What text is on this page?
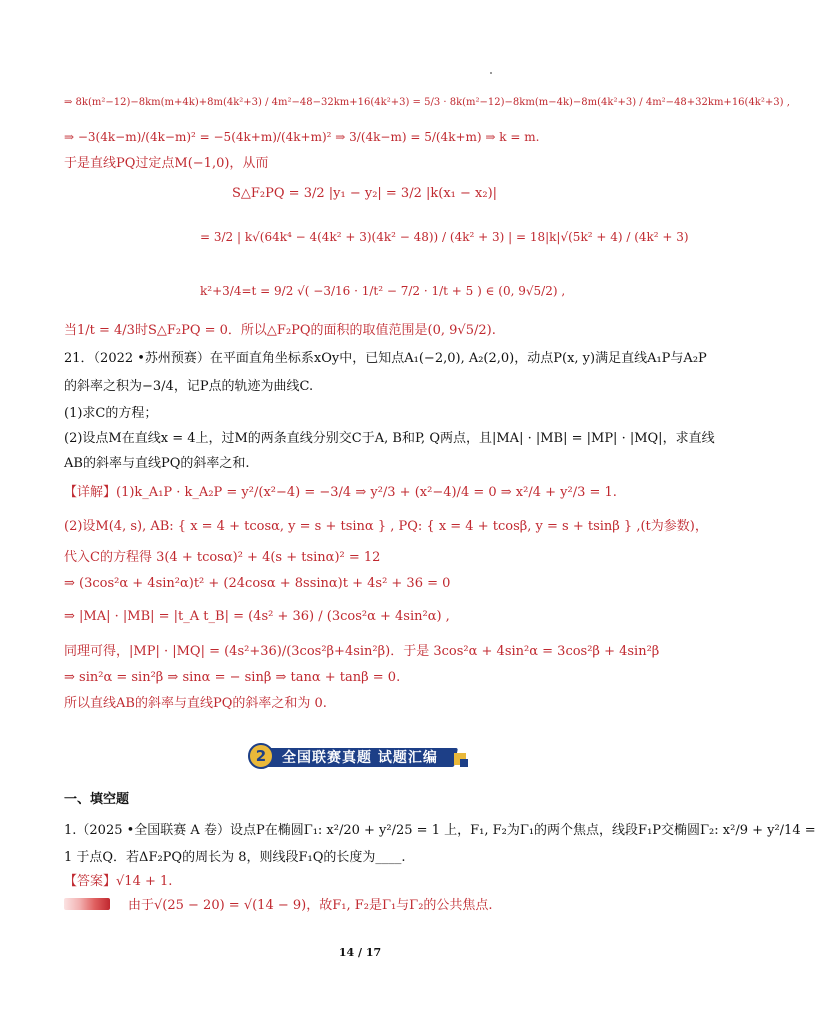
⇒ 8k(m²−12)−8km(m+4k)+8m(4k²+3) / 4m²−48−32km+16(4k²+3) = 5/3 · 8k(m²−12)−8km(m−4k)−8m(4k²+3) / 4m²−48+32km+16(4k²+3) ,
⇒ −3(4k−m)/(4k−m)² = −5(4k+m)/(4k+m)² ⇒ 3/(4k−m) = 5/(4k+m) ⇒ k = m.
于是直线PQ过定点M(−1,0)，从而
S△F₂PQ = 3/2 |y₁ − y₂| = 3/2 |k(x₁ − x₂)|
= 3/2 | k√(64k⁴ − 4(4k² + 3)(4k² − 48)) / (4k² + 3) | = 18|k|√(5k² + 4) / (4k² + 3)
k²+3/4=t = 9/2 √( −3/16 · 1/t² − 7/2 · 1/t + 5 ) ∈ (0, 9√5/2) ,
当1/t = 4/3时S△F₂PQ = 0．所以△F₂PQ的面积的取值范围是(0, 9√5/2).
21．（2022 •苏州预赛）在平面直角坐标系xOy中，已知点A₁(−2,0), A₂(2,0)，动点P(x, y)满足直线A₁P与A₂P
的斜率之积为−3/4，记P点的轨迹为曲线C.
(1)求C的方程；
(2)设点M在直线x = 4上，过M的两条直线分别交C于A, B和P, Q两点，且|MA| · |MB| = |MP| · |MQ|，求直线
AB的斜率与直线PQ的斜率之和.
【详解】(1)k_A₁P · k_A₂P = y²/(x²−4) = −3/4 ⇒ y²/3 + (x²−4)/4 = 0 ⇒ x²/4 + y²/3 = 1.
(2)设M(4, s), AB: { x = 4 + tcosα, y = s + tsinα } , PQ: { x = 4 + tcosβ, y = s + tsinβ } ,(t为参数)，
代入C的方程得 3(4 + tcosα)² + 4(s + tsinα)² = 12
⇒ (3cos²α + 4sin²α)t² + (24cosα + 8ssinα)t + 4s² + 36 = 0
⇒ |MA| · |MB| = |t_A t_B| = (4s² + 36) / (3cos²α + 4sin²α) ,
同理可得，|MP| · |MQ| = (4s²+36)/(3cos²β+4sin²β)．于是 3cos²α + 4sin²α = 3cos²β + 4sin²β
⇒ sin²α = sin²β ⇒ sinα = − sinβ ⇒ tanα + tanβ = 0.
所以直线AB的斜率与直线PQ的斜率之和为 0.
2	全国联赛真题 试题汇编
一、填空题
1.（2025 •全国联赛 A 卷）设点P在椭圆Γ₁: x²/20 + y²/25 = 1 上，F₁, F₂为Γ₁的两个焦点，线段F₁P交椭圆Γ₂: x²/9 + y²/14 =
1 于点Q．若ΔF₂PQ的周长为 8，则线段F₁Q的长度为____.
【答案】√14 + 1.
由于√(25 − 20) = √(14 − 9)，故F₁, F₂是Γ₁与Γ₂的公共焦点.
14 / 17
